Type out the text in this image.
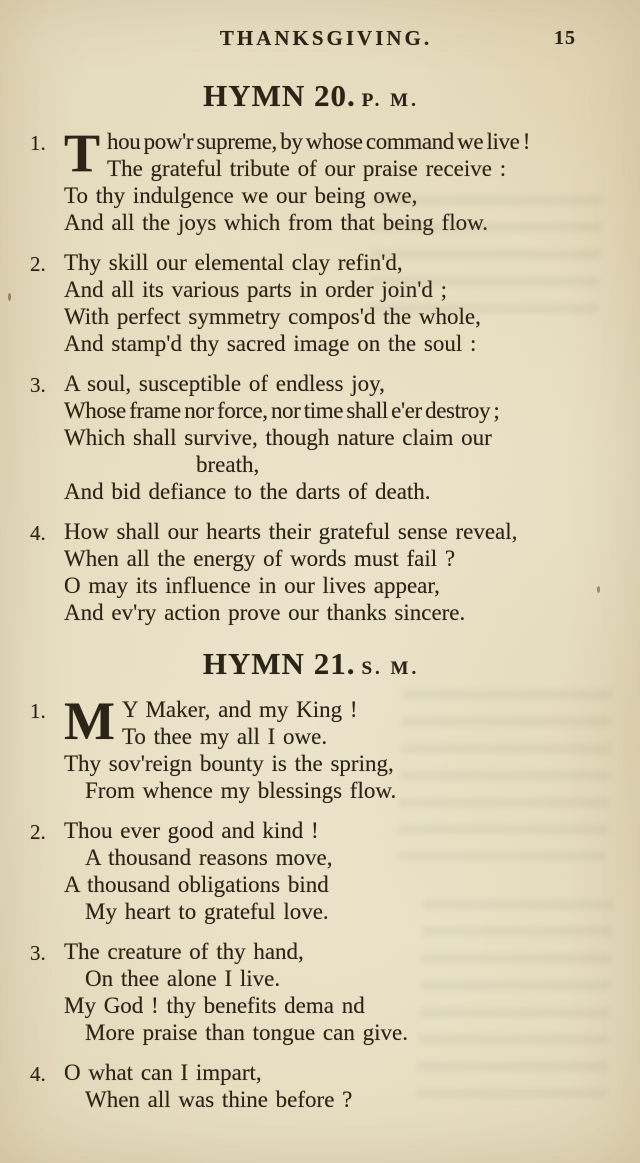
THANKSGIVING.	15
HYMN 20. P. M.
1. T hou pow'r supreme, by whose command we live !
The grateful tribute of our praise receive :
To thy indulgence we our being owe,
And all the joys which from that being flow.
2. Thy skill our elemental clay refin'd,
And all its various parts in order join'd ;
With perfect symmetry compos'd the whole,
And stamp'd thy sacred image on the soul :
3. A soul, susceptible of endless joy,
Whose frame nor force, nor time shall e'er destroy ;
Which shall survive, though nature claim our
breath,
And bid defiance to the darts of death.
4. How shall our hearts their grateful sense reveal,
When all the energy of words must fail ?
O may its influence in our lives appear,
And ev'ry action prove our thanks sincere.
HYMN 21. S. M.
1. M Y Maker, and my King !
To thee my all I owe.
Thy sov'reign bounty is the spring,
From whence my blessings flow.
2. Thou ever good and kind !
A thousand reasons move,
A thousand obligations bind
My heart to grateful love.
3. The creature of thy hand,
On thee alone I live.
My God ! thy benefits dema nd
More praise than tongue can give.
4. O what can I impart,
When all was thine before ?
